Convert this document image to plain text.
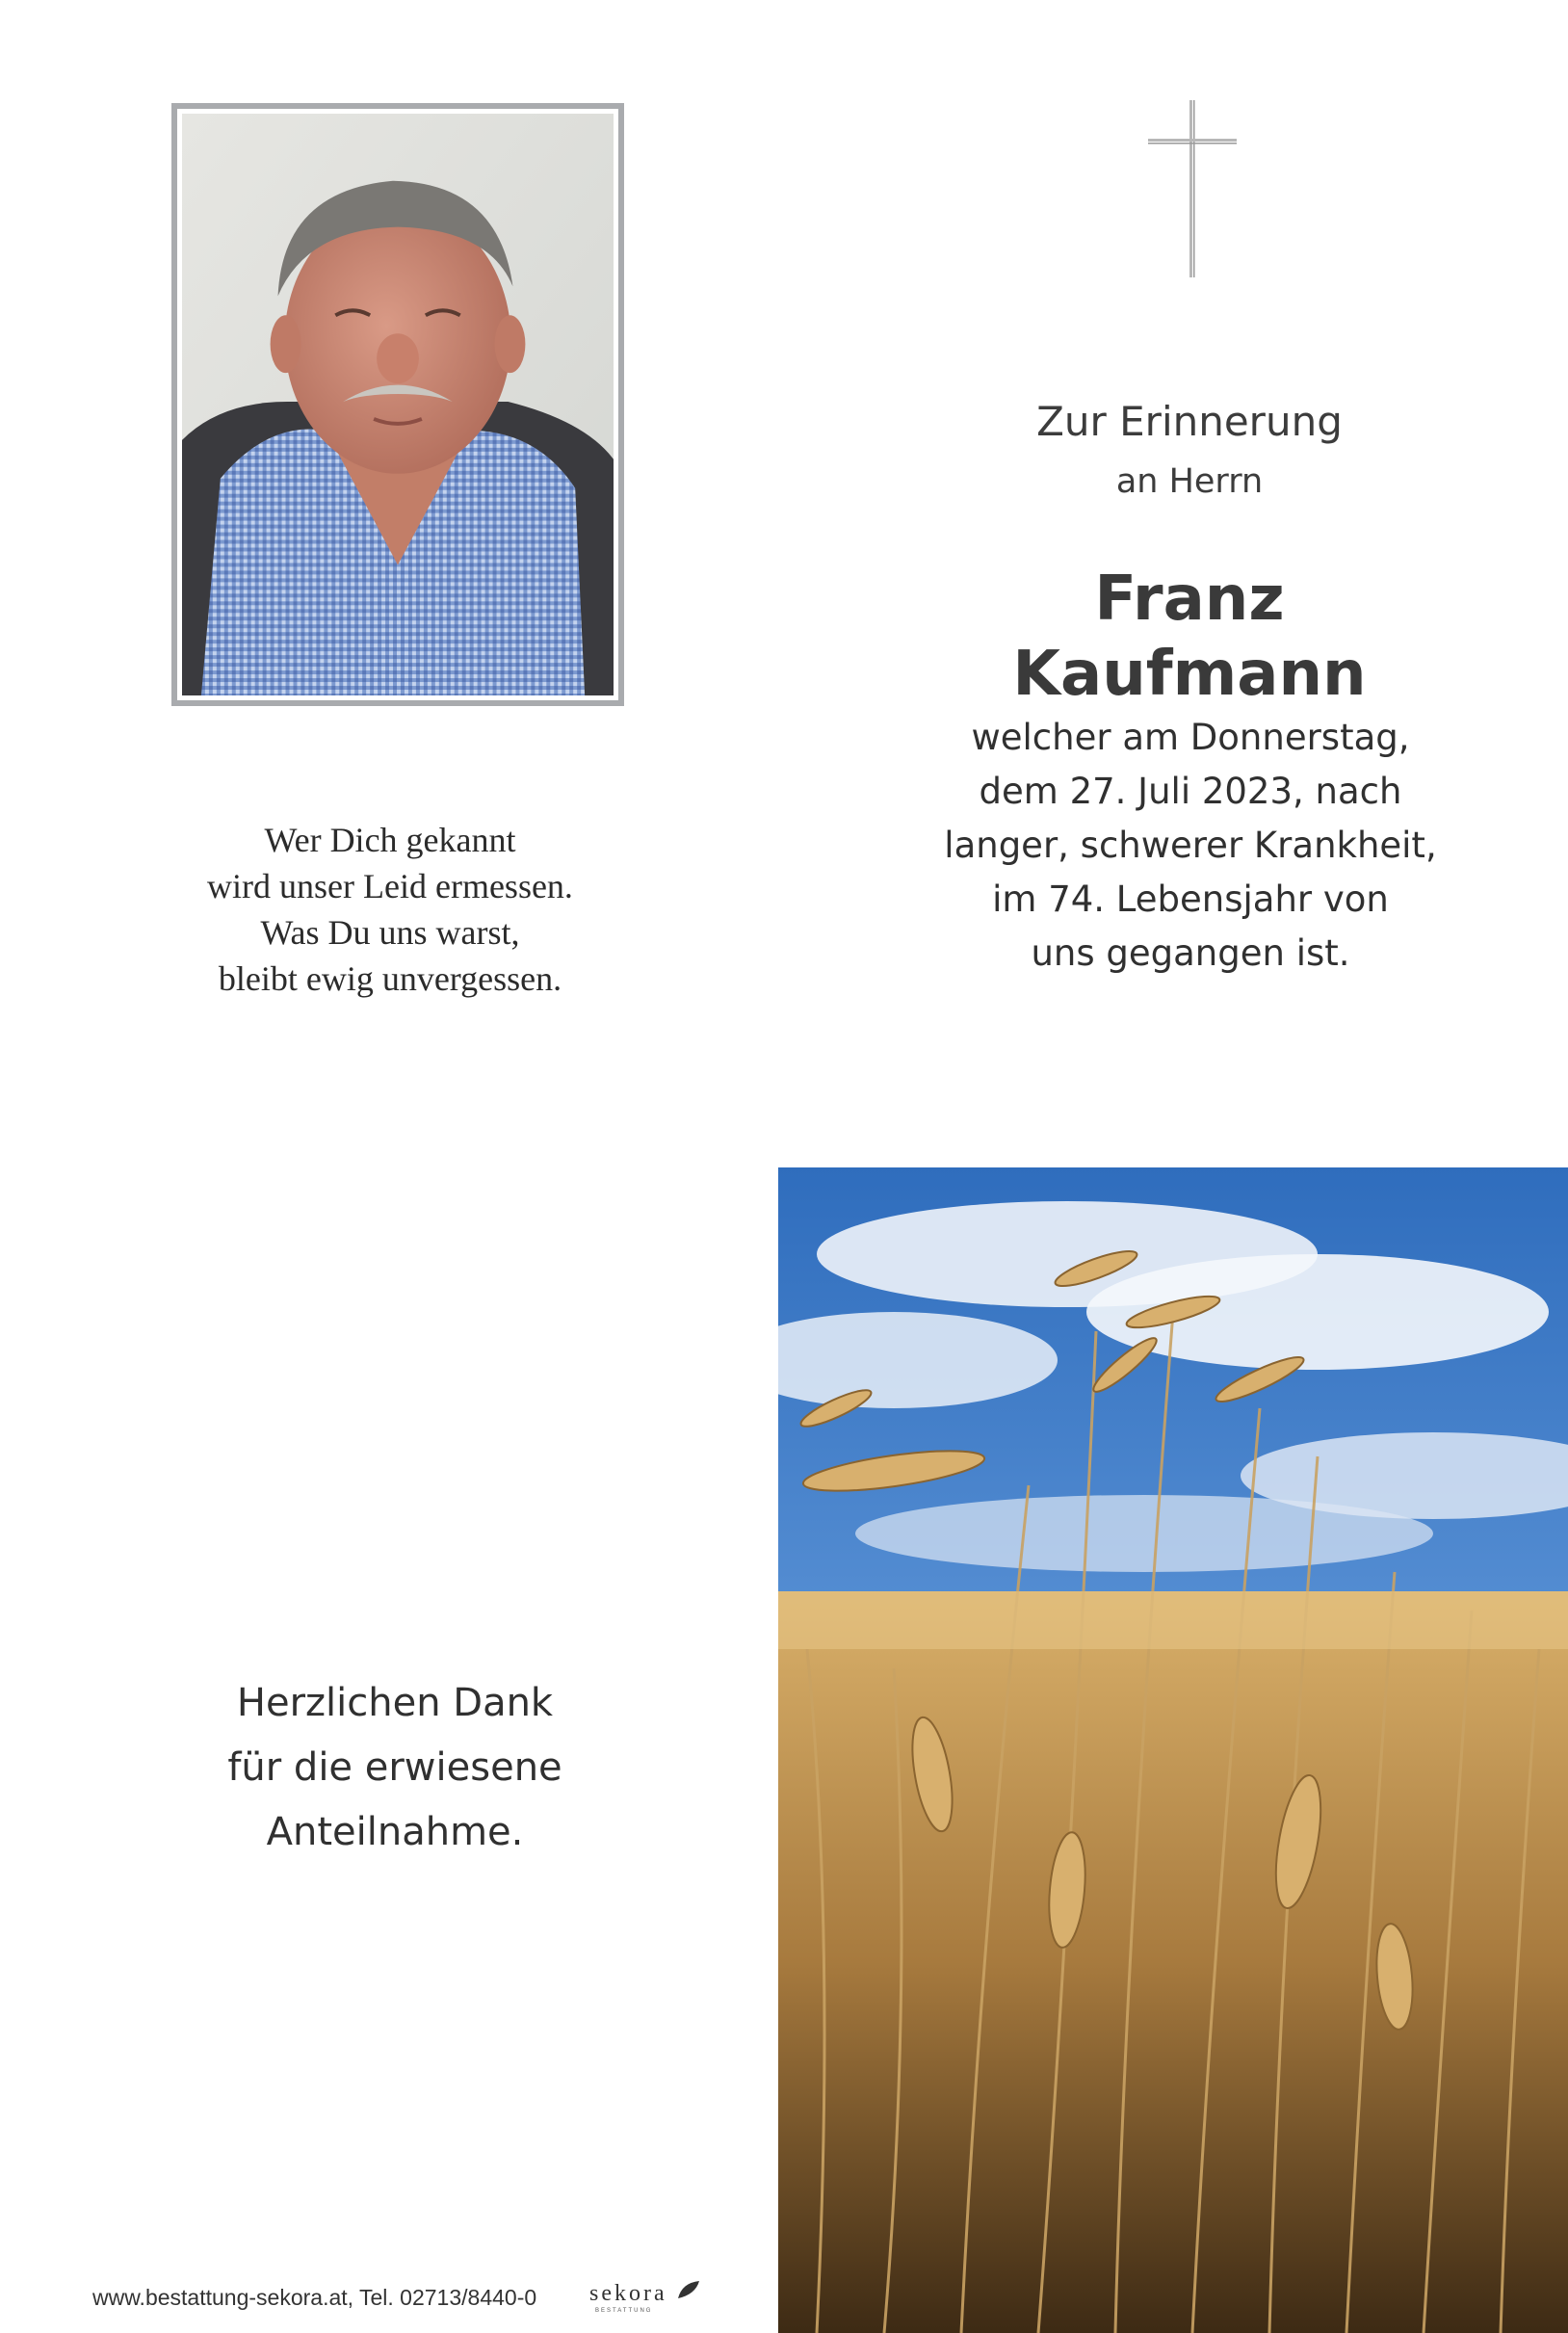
Zur Erinnerung
an Herrn
Franz Kaufmann
welcher am Donnerstag,
dem 27. Juli 2023, nach
langer, schwerer Krankheit,
im 74. Lebensjahr von
uns gegangen ist.
Wer Dich gekannt
wird unser Leid ermessen.
Was Du uns warst,
bleibt ewig unvergessen.
Herzlichen Dank
für die erwiesene
Anteilnahme.
www.bestattung-sekora.at, Tel. 02713/8440-0 sekora
BESTATTUNG
